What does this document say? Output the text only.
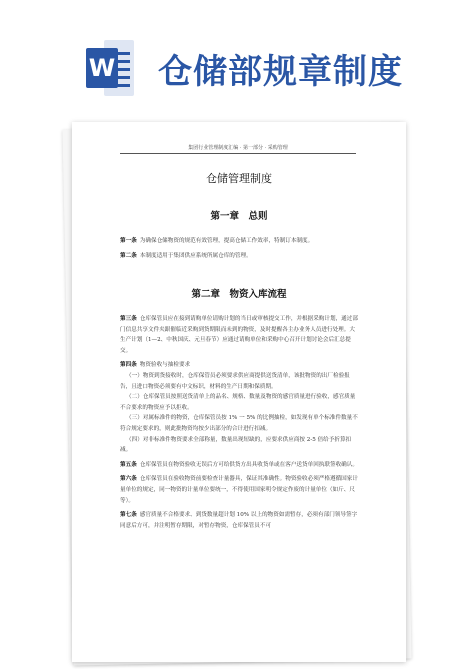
W 仓储部规章制度
集团行业管理制度汇编 · 第一部分 · 采购管理
仓储管理制度
第一章　总则

第一条 为确保仓储物资的规范有效管理，提高仓储工作效率，特制订本制度。

第二条 本制度适用于集团供应系统所属仓库的管理。

第二章　物资入库流程

第三条 仓库保管员应在接到请购单位请购计划的当日或审核提交工作，并根据采购计划，通过部门信息共享文件夹跟催临近采购到货期限而未到的物资，及时提醒各主办业务人员进行处理。大生产计划（1—2、中秋国庆、元旦春节）应通过请购单位和采购中心召开计划讨论会后汇总提交。

第四条 物资验收与抽检要求

（一）物资到货接收时，仓库保管员必须要求供应商提供送货清单，该批物资的出厂检验报告，且进口物资必须要有中文标识，材料的生产日期和保质期。

（二）仓库保管员按照送货清单上的品名、规格、数量及物资的感官质量进行验收，感官质量不合要求的物资应予以拒收。

（三）对属标准件的物资，仓库保管员按 1% 一 5% 的比例抽检，如发现有单个标准件数量不符合规定要求的，则此批物资均按少出部分的合计进行扣减。

（四）对非标准件物资要求全部称量，数量出现短缺的，应要求供应商按 2-5 倍给予折算扣减。

第五条 仓库保管员在物资验收无误后方可给供货方出具收货单或在客户送货单回执联签收确认。

第六条 仓库保管员在验收物资前要检查计量器具，保证其准确性。物资验收必须严格遵循国家计量单位的规定，同一物资的计量单位要统一，不得使用国家明令规定作废的计量单位（如斤、尺等）。

第七条 感官质量不合格要求、到货数量超计划 10% 以上的物资如需暂存，必须有部门领导签字同意后方可，并注明暂存期限，对暂存物资，仓库保管员不可
